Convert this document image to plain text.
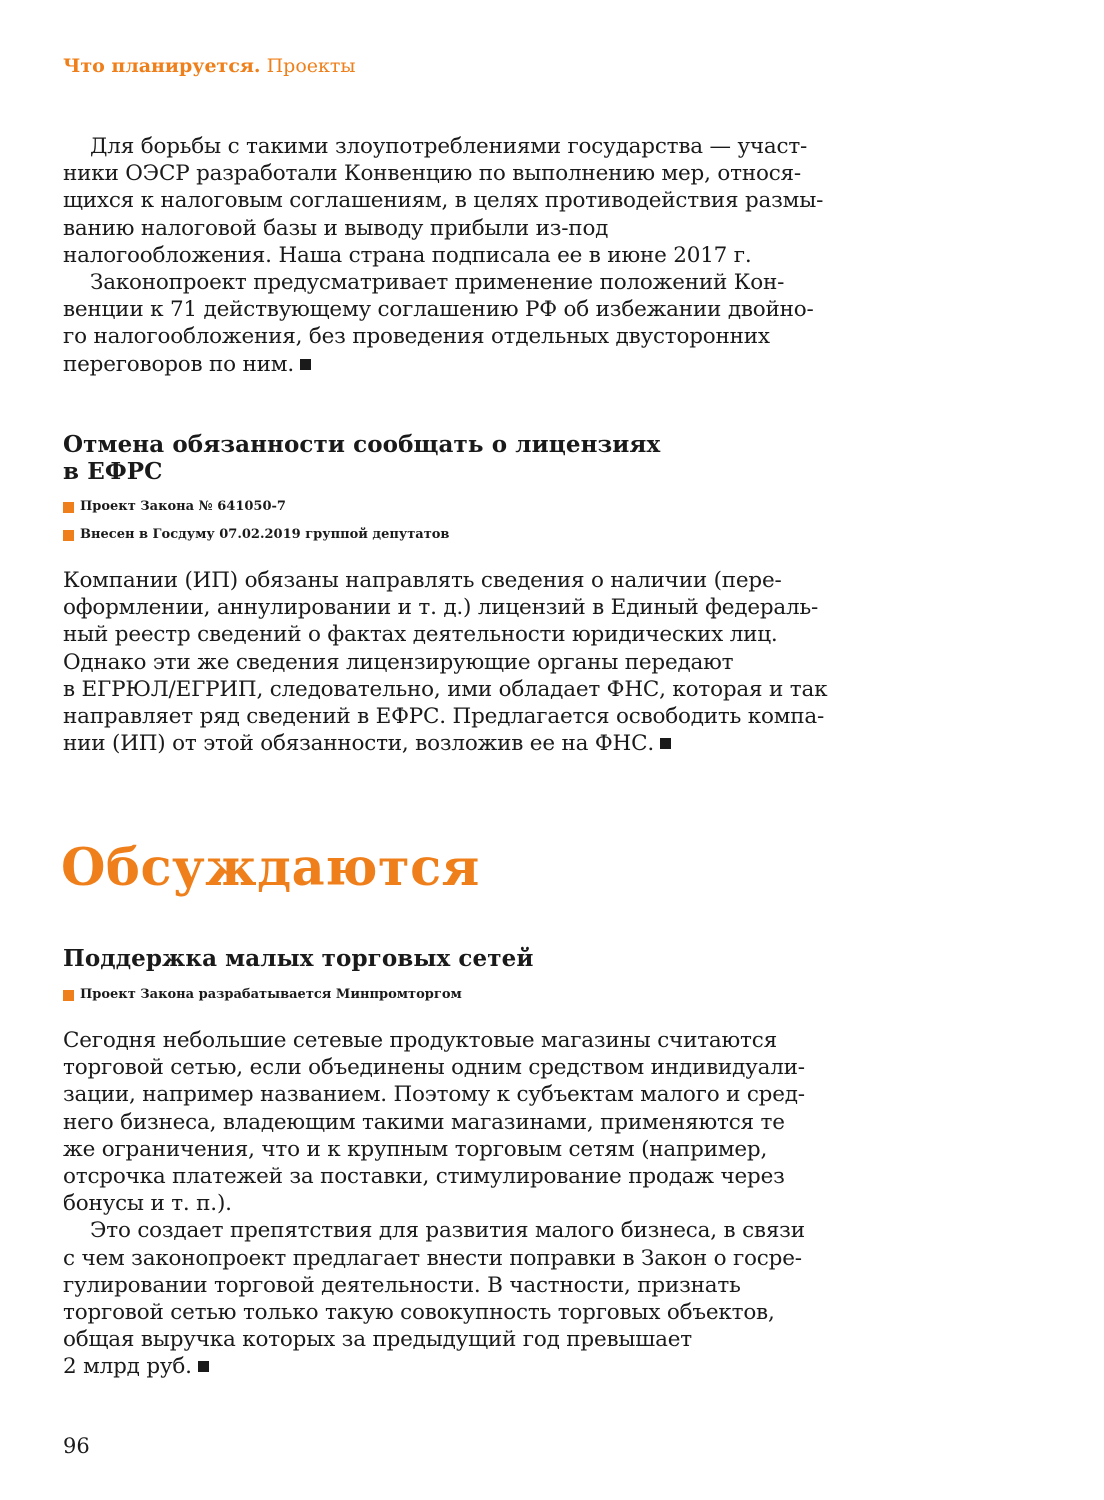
Что планируется. Проекты
Для борьбы с такими злоупотреблениями государства — участ-
ники ОЭСР разработали Конвенцию по выполнению мер, относя-
щихся к налоговым соглашениям, в целях противодействия размы-
ванию налоговой базы и выводу прибыли из-под
налогообложения. Наша страна подписала ее в июне 2017 г.
Законопроект предусматривает применение положений Кон-
венции к 71 действующему соглашению РФ об избежании двойно-
го налогообложения, без проведения отдельных двусторонних
переговоров по ним.
Отмена обязанности сообщать о лицензиях
в ЕФРС
Проект Закона № 641050-7
Внесен в Госдуму 07.02.2019 группой депутатов
Компании (ИП) обязаны направлять сведения о наличии (пере-
оформлении, аннулировании и т. д.) лицензий в Единый федераль-
ный реестр сведений о фактах деятельности юридических лиц.
Однако эти же сведения лицензирующие органы передают
в ЕГРЮЛ/ЕГРИП, следовательно, ими обладает ФНС, которая и так
направляет ряд сведений в ЕФРС. Предлагается освободить компа-
нии (ИП) от этой обязанности, возложив ее на ФНС.
Обсуждаются
Поддержка малых торговых сетей
Проект Закона разрабатывается Минпромторгом
Сегодня небольшие сетевые продуктовые магазины считаются
торговой сетью, если объединены одним средством индивидуали-
зации, например названием. Поэтому к субъектам малого и сред-
него бизнеса, владеющим такими магазинами, применяются те
же ограничения, что и к крупным торговым сетям (например,
отсрочка платежей за поставки, стимулирование продаж через
бонусы и т. п.).
Это создает препятствия для развития малого бизнеса, в связи
с чем законопроект предлагает внести поправки в Закон о госре-
гулировании торговой деятельности. В частности, признать
торговой сетью только такую совокупность торговых объектов,
общая выручка которых за предыдущий год превышает
2 млрд руб.
96
